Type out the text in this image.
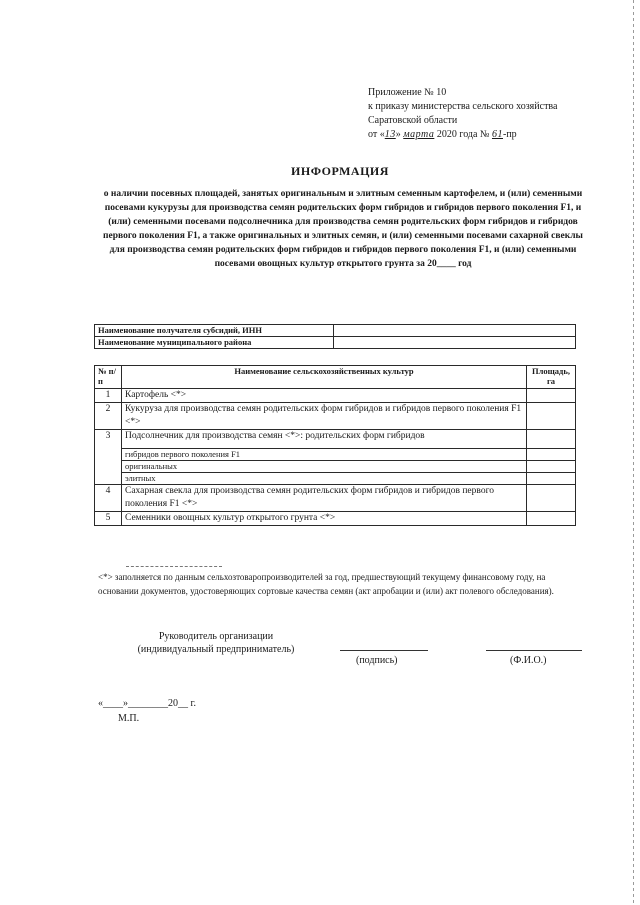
Приложение № 10
к приказу министерства сельского хозяйства
Саратовской области
от «13» марта 2020 года № 61-пр
ИНФОРМАЦИЯ
о наличии посевных площадей, занятых оригинальным и элитным семенным картофелем, и (или) семенными посевами кукурузы для производства семян родительских форм гибридов и гибридов первого поколения F1, и (или) семенными посевами подсолнечника для производства семян родительских форм гибридов и гибридов первого поколения F1, а также оригинальных и элитных семян, и (или) семенными посевами сахарной свеклы для производства семян родительских форм гибридов и гибридов первого поколения F1, и (или) семенными посевами овощных культур открытого грунта за 20____ год
Наименование получателя субсидий, ИНН	
Наименование муниципального района	
№ п/п	Наименование сельскохозяйственных культур	Площадь, га
1	Картофель <*>	
2	Кукуруза для производства семян родительских форм гибридов и гибридов первого поколения F1 <*>	
3	Подсолнечник для производства семян <*>: родительских форм гибридов	
	гибридов первого поколения F1	
	оригинальных	
	элитных	
4	Сахарная свекла для производства семян родительских форм гибридов и гибридов первого поколения F1 <*>	
5	Семенники овощных культур открытого грунта <*>	
<*> заполняется по данным сельхозтоваропроизводителей за год, предшествующий текущему финансовому году, на основании документов, удостоверяющих сортовые качества семян (акт апробации и (или) акт полевого обследования).
Руководитель организации
(индивидуальный предприниматель)
(подпись)	(Ф.И.О.)
«____»________20__ г.
М.П.
